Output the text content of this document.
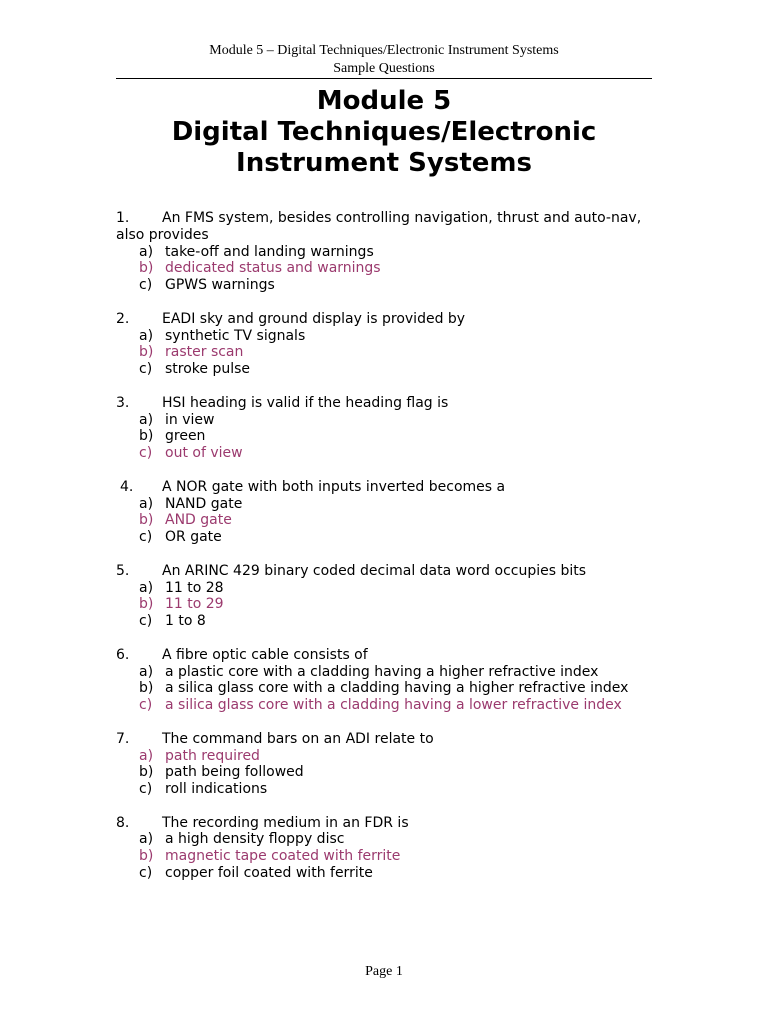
Module 5 – Digital Techniques/Electronic Instrument Systems
Sample Questions
Module 5
Digital Techniques/Electronic
Instrument Systems
1. An FMS system, besides controlling navigation, thrust and auto-nav, also provides
a) take-off and landing warnings
b) dedicated status and warnings
c) GPWS warnings
2. EADI sky and ground display is provided by
a) synthetic TV signals
b) raster scan
c) stroke pulse
3. HSI heading is valid if the heading flag is
a) in view
b) green
c) out of view
4. A NOR gate with both inputs inverted becomes a
a) NAND gate
b) AND gate
c) OR gate
5. An ARINC 429 binary coded decimal data word occupies bits
a) 11 to 28
b) 11 to 29
c) 1 to 8
6. A fibre optic cable consists of
a) a plastic core with a cladding having a higher refractive index
b) a silica glass core with a cladding having a higher refractive index
c) a silica glass core with a cladding having a lower refractive index
7. The command bars on an ADI relate to
a) path required
b) path being followed
c) roll indications
8. The recording medium in an FDR is
a) a high density floppy disc
b) magnetic tape coated with ferrite
c) copper foil coated with ferrite
Page 1
